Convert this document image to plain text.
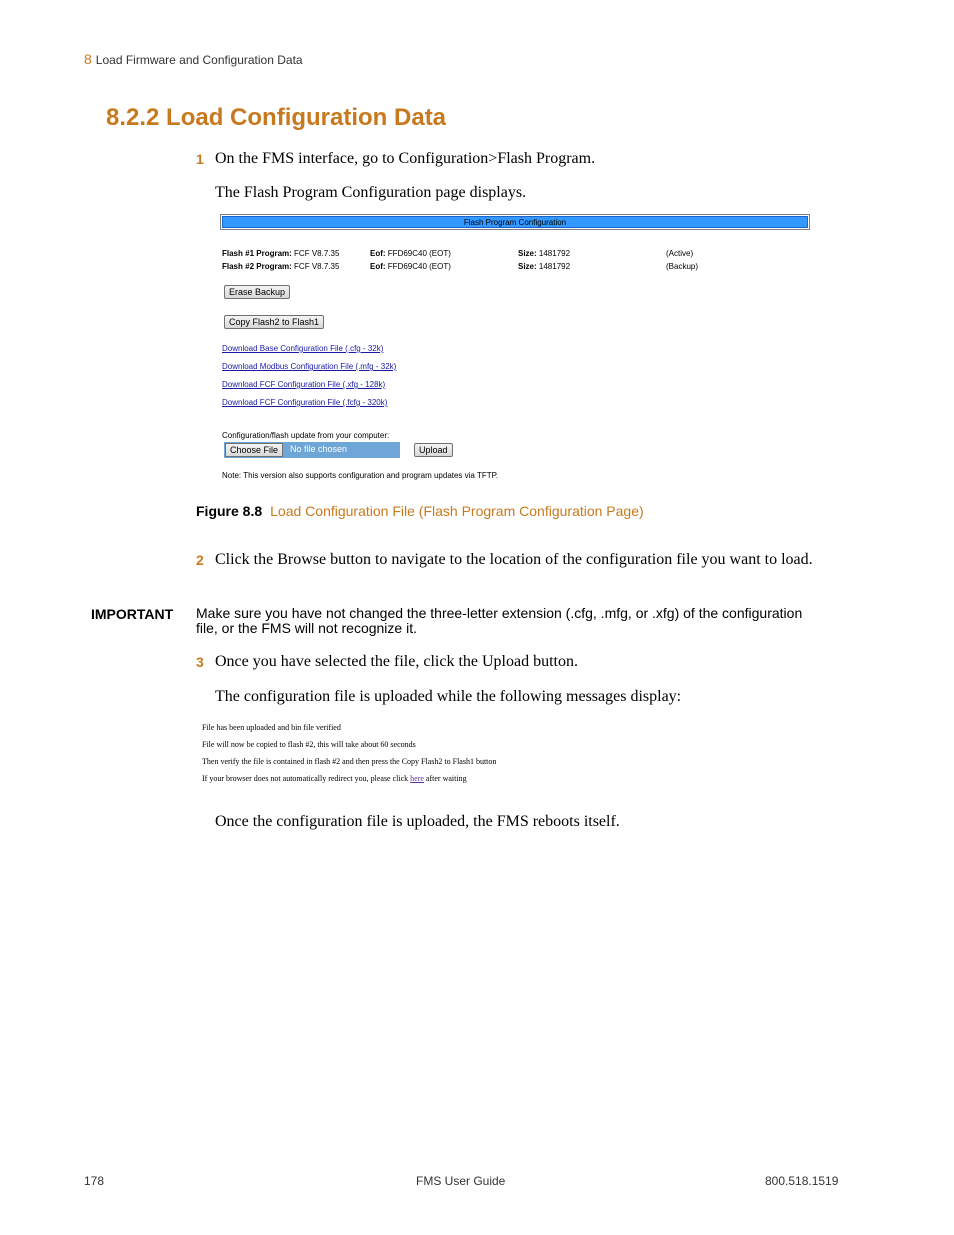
8 Load Firmware and Configuration Data
8.2.2 Load Configuration Data
1 On the FMS interface, go to Configuration>Flash Program.
The Flash Program Configuration page displays.
Flash Program Configuration
Flash #1 Program: FCF V8.7.35	Eof: FFD69C40 (EOT)	Size: 1481792	(Active)
Flash #2 Program: FCF V8.7.35	Eof: FFD69C40 (EOT)	Size: 1481792	(Backup)
Erase Backup
Copy Flash2 to Flash1
Download Base Configuration File (.cfg - 32k)
Download Modbus Configuration File (.mfg - 32k)
Download FCF Configuration File (.xfg - 128k)
Download FCF Configuration File (.fcfg - 320k)
Configuration/flash update from your computer:
Choose File	No file chosen	Upload
Note: This version also supports configuration and program updates via TFTP.
Figure 8.8 Load Configuration File (Flash Program Configuration Page)
2 Click the Browse button to navigate to the location of the configuration file you want to load.
IMPORTANT Make sure you have not changed the three-letter extension (.cfg, .mfg, or .xfg) of the configuration file, or the FMS will not recognize it.
3 Once you have selected the file, click the Upload button.
The configuration file is uploaded while the following messages display:
File has been uploaded and bin file verified
File will now be copied to flash #2, this will take about 60 seconds
Then verify the file is contained in flash #2 and then press the Copy Flash2 to Flash1 button
If your browser does not automatically redirect you, please click here after waiting
Once the configuration file is uploaded, the FMS reboots itself.
178	FMS User Guide	800.518.1519
